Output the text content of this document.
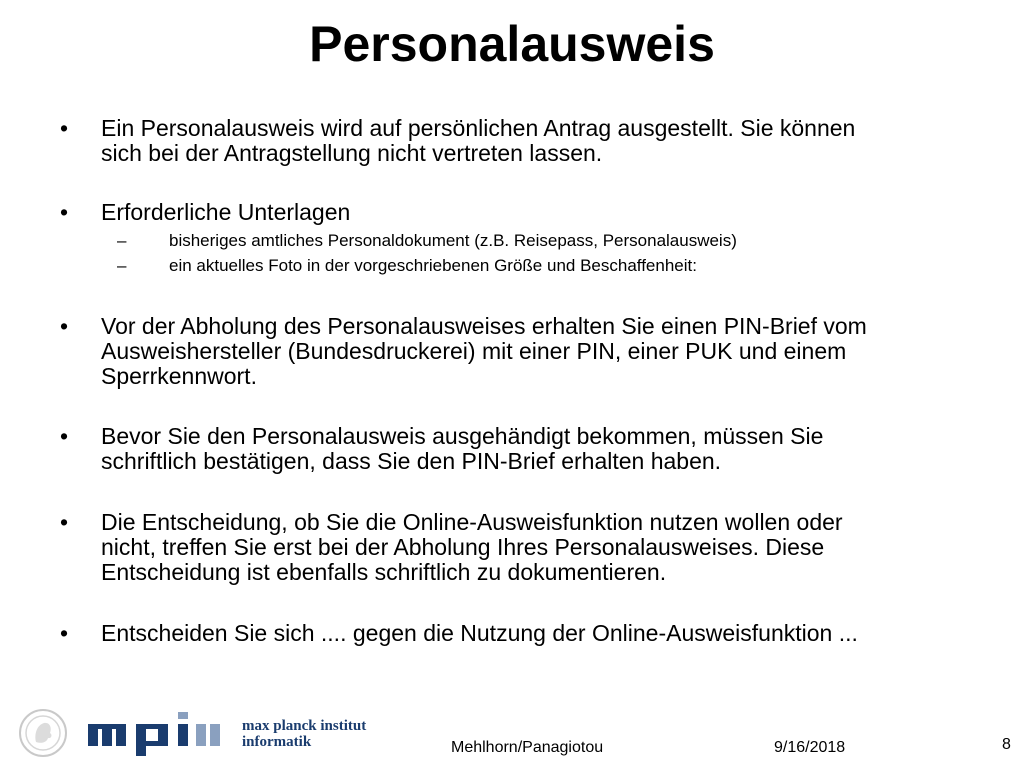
Personalausweis
•	Ein Personalausweis wird auf persönlichen Antrag ausgestellt. Sie können
sich bei der Antragstellung nicht vertreten lassen.
•	Erforderliche Unterlagen
–	bisheriges amtliches Personaldokument (z.B. Reisepass, Personalausweis)
–	ein aktuelles Foto in der vorgeschriebenen Größe und Beschaffenheit:
•	Vor der Abholung des Personalausweises erhalten Sie einen PIN-Brief vom
Ausweishersteller (Bundesdruckerei) mit einer PIN, einer PUK und einem
Sperrkennwort.
•	Bevor Sie den Personalausweis ausgehändigt bekommen, müssen Sie
schriftlich bestätigen, dass Sie den PIN-Brief erhalten haben.
•	Die Entscheidung, ob Sie die Online-Ausweisfunktion nutzen wollen oder
nicht, treffen Sie erst bei der Abholung Ihres Personalausweises. Diese
Entscheidung ist ebenfalls schriftlich zu dokumentieren.
•	Entscheiden Sie sich .... gegen die Nutzung der Online-Ausweisfunktion ...
max planck institut
informatik	Mehlhorn/Panagiotou	9/16/2018	8
